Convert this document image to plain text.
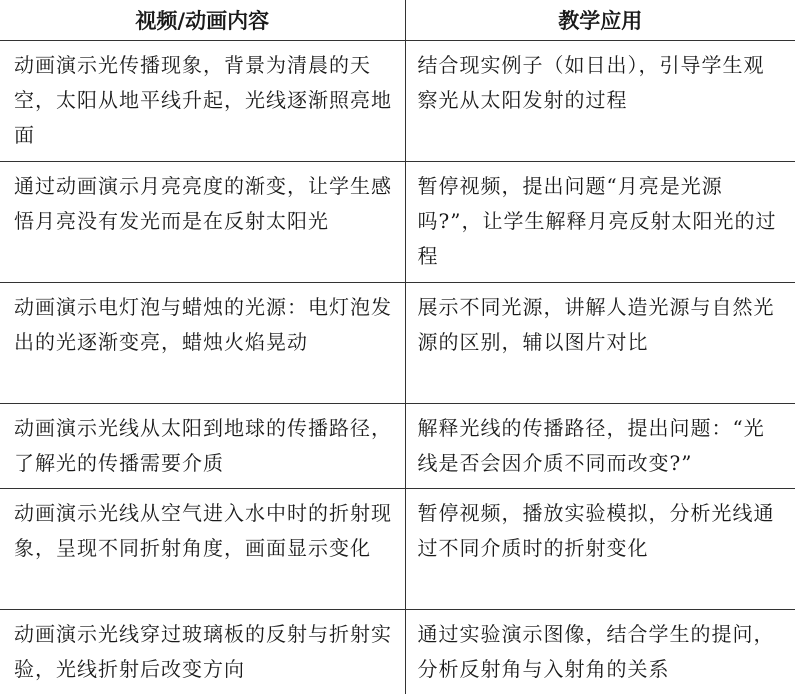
视频/动画内容	教学应用
动画演示光传播现象，背景为清晨的天空，太阳从地平线升起，光线逐渐照亮地面	结合现实例子（如日出），引导学生观察光从太阳发射的过程
通过动画演示月亮亮度的渐变，让学生感悟月亮没有发光而是在反射太阳光	暂停视频，提出问题“月亮是光源吗?”，让学生解释月亮反射太阳光的过程
动画演示电灯泡与蜡烛的光源：电灯泡发出的光逐渐变亮，蜡烛火焰晃动	展示不同光源，讲解人造光源与自然光源的区别，辅以图片对比
动画演示光线从太阳到地球的传播路径，了解光的传播需要介质	解释光线的传播路径，提出问题：“光线是否会因介质不同而改变?”
动画演示光线从空气进入水中时的折射现象，呈现不同折射角度，画面显示变化	暂停视频，播放实验模拟，分析光线通过不同介质时的折射变化
动画演示光线穿过玻璃板的反射与折射实验，光线折射后改变方向	通过实验演示图像，结合学生的提问，分析反射角与入射角的关系
